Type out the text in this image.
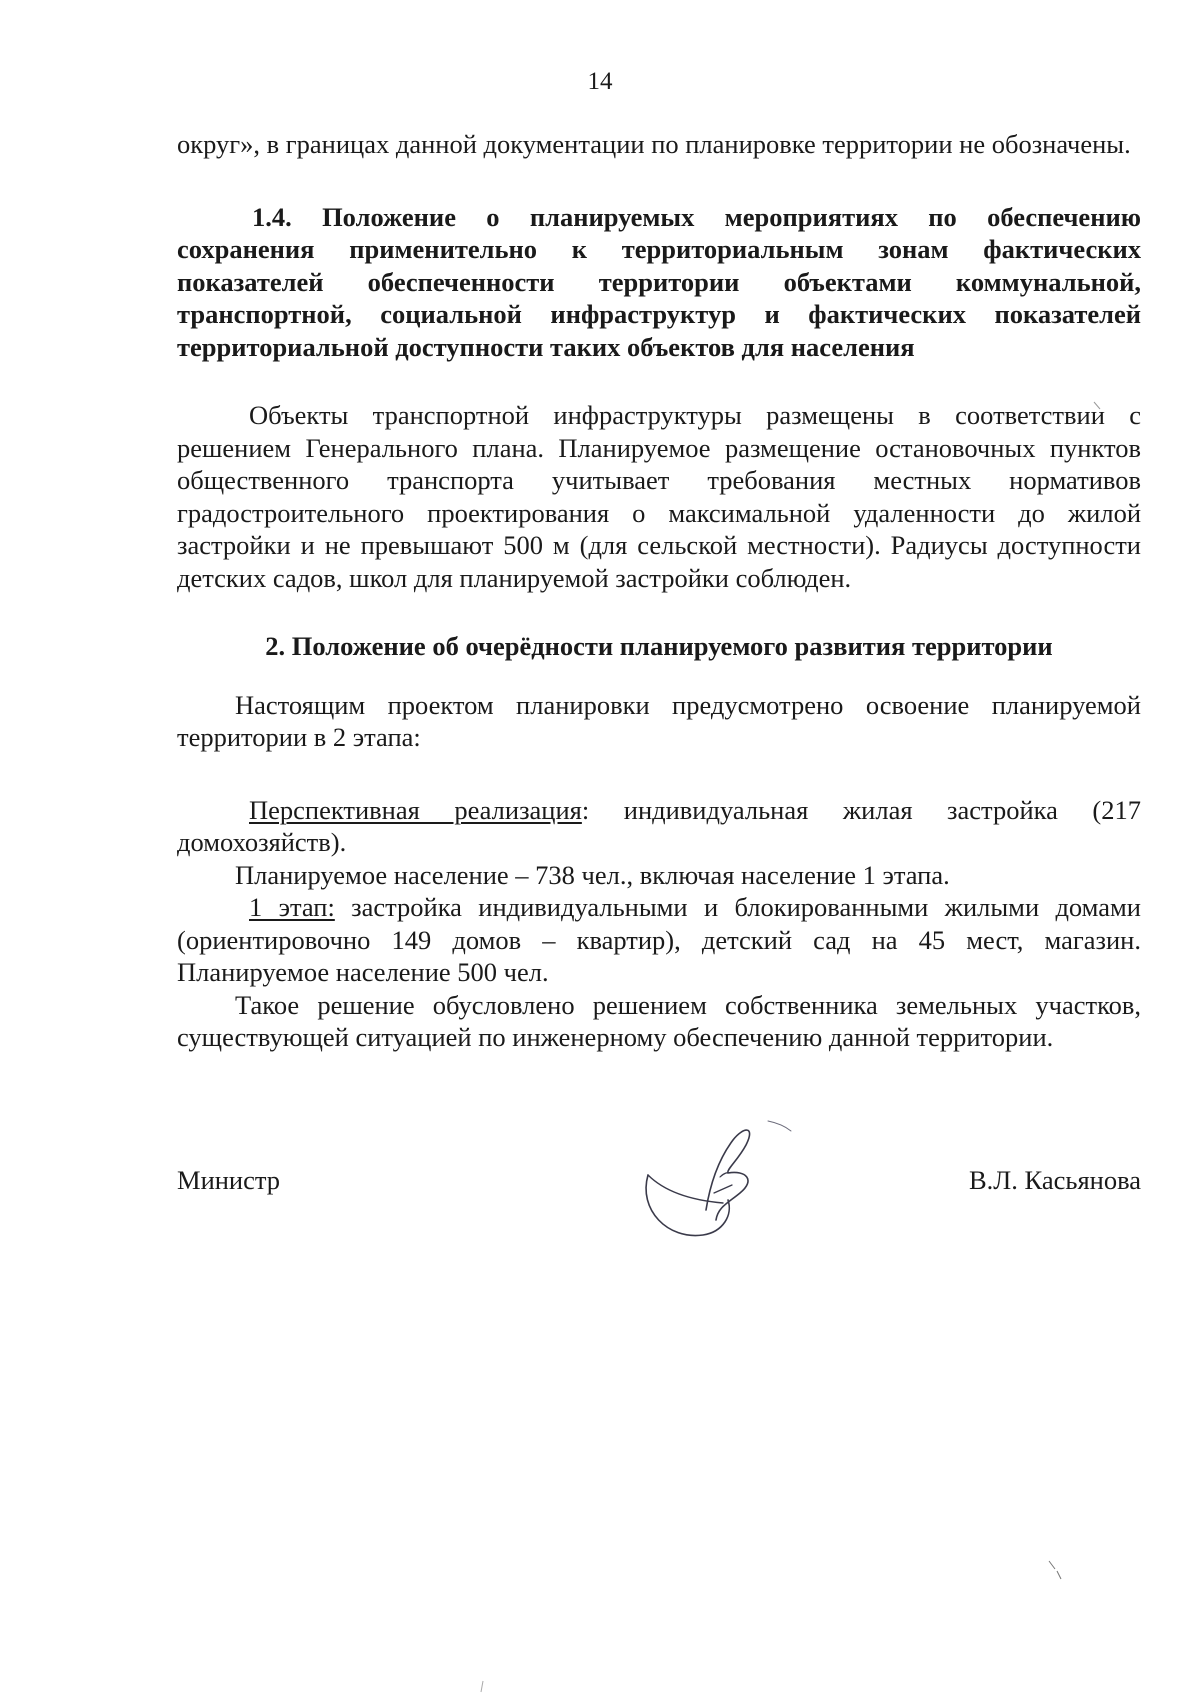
14

округ», в границах данной документации по планировке территории не обозначены.

1.4. Положение о планируемых мероприятиях по обеспечению сохранения применительно к территориальным зонам фактических показателей обеспеченности территории объектами коммунальной, транспортной, социальной инфраструктур и фактических показателей территориальной доступности таких объектов для населения

Объекты транспортной инфраструктуры размещены в соответствии с решением Генерального плана. Планируемое размещение остановочных пунктов общественного транспорта учитывает требования местных нормативов градостроительного проектирования о максимальной удаленности до жилой застройки и не превышают 500 м (для сельской местности). Радиусы доступности детских садов, школ для планируемой застройки соблюден.

2. Положение об очерёдности планируемого развития территории

Настоящим проектом планировки предусмотрено освоение планируемой территории в 2 этапа:

Перспективная реализация: индивидуальная жилая застройка (217 домохозяйств).

Планируемое население – 738 чел., включая население 1 этапа.

1 этап: застройка индивидуальными и блокированными жилыми домами (ориентировочно 149 домов – квартир), детский сад на 45 мест, магазин. Планируемое население 500 чел.

Такое решение обусловлено решением собственника земельных участков, существующей ситуацией по инженерному обеспечению данной территории.

Министр	В.Л. Касьянова
